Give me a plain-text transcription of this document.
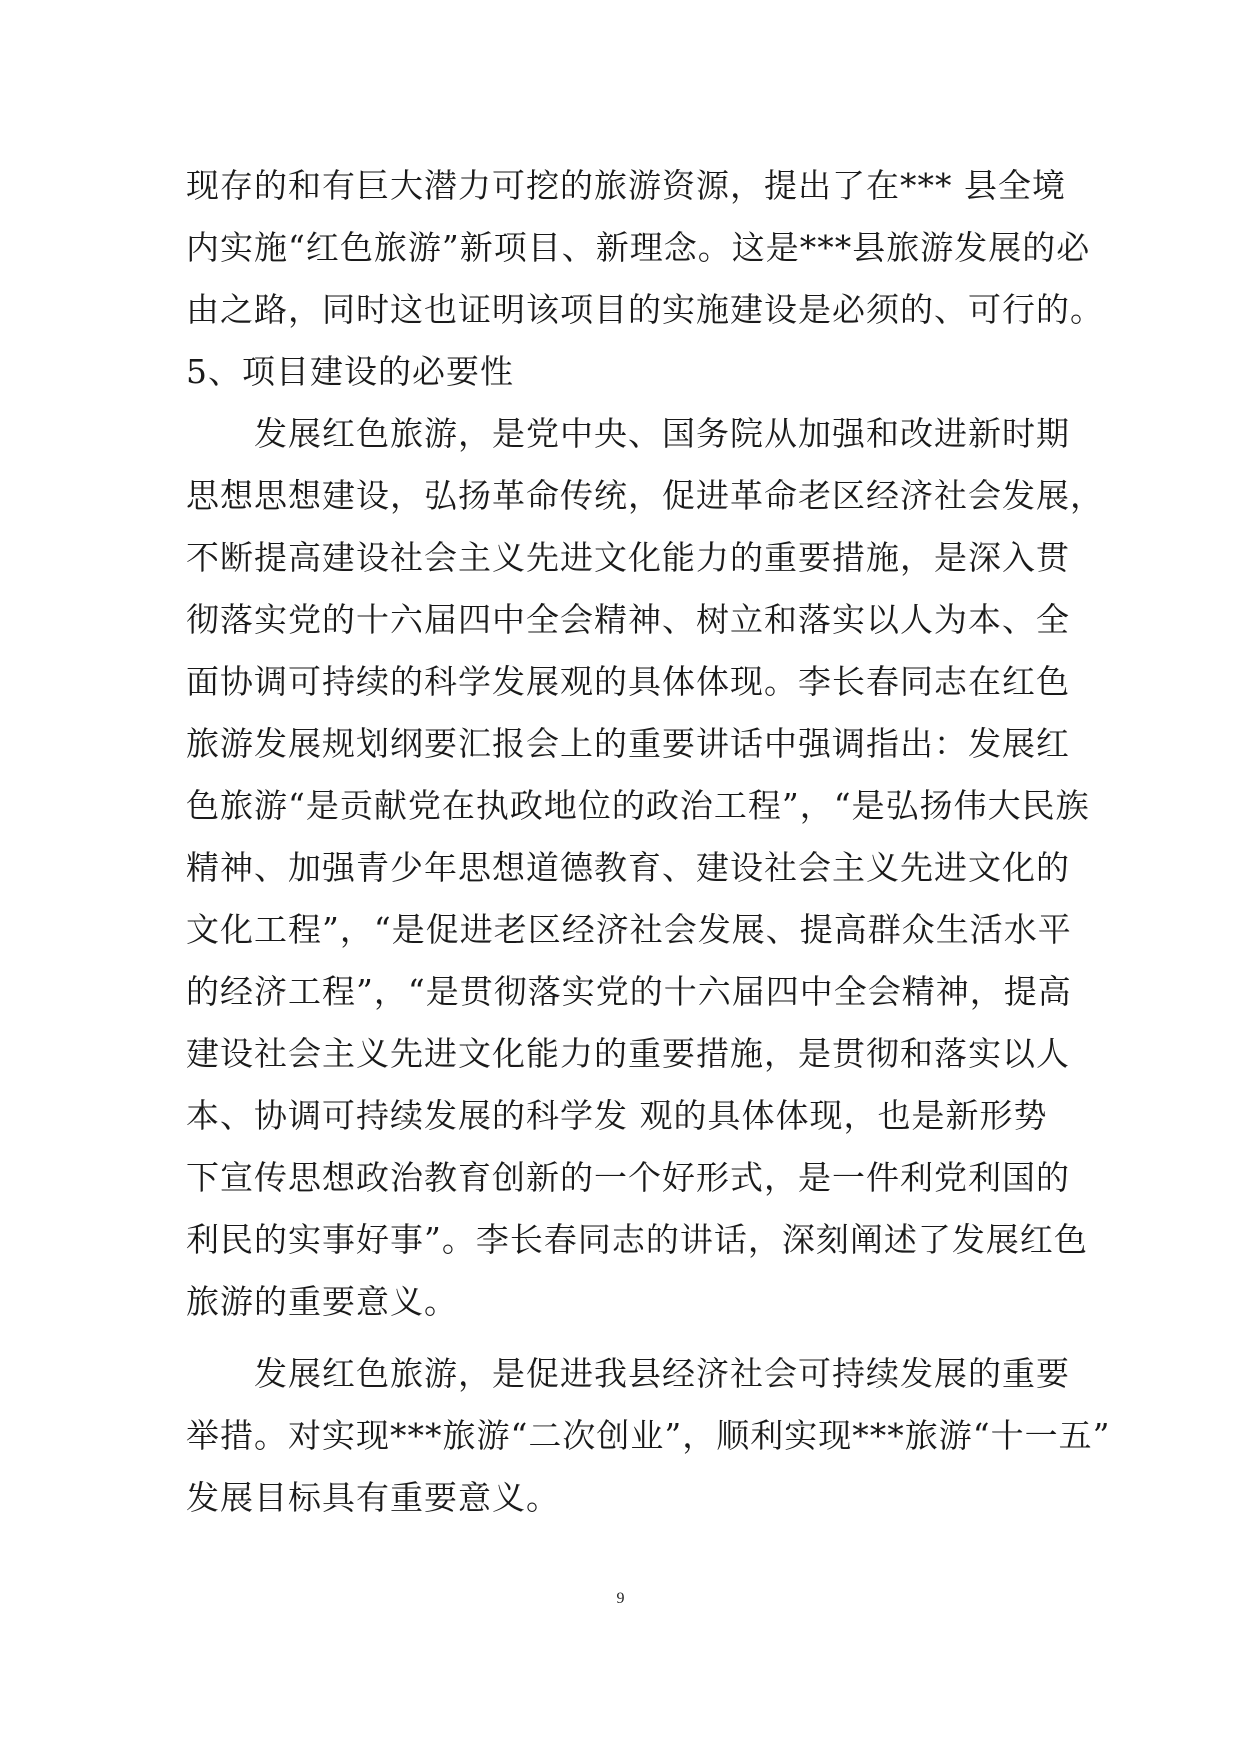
现存的和有巨大潜力可挖的旅游资源，提出了在*** 县全境
内实施“红色旅游”新项目、新理念。这是***县旅游发展的必
由之路，同时这也证明该项目的实施建设是必须的、可行的。
5、项目建设的必要性
发展红色旅游，是党中央、国务院从加强和改进新时期
思想思想建设，弘扬革命传统，促进革命老区经济社会发展，
不断提高建设社会主义先进文化能力的重要措施，是深入贯
彻落实党的十六届四中全会精神、树立和落实以人为本、全
面协调可持续的科学发展观的具体体现。李长春同志在红色
旅游发展规划纲要汇报会上的重要讲话中强调指出：发展红
色旅游“是贡献党在执政地位的政治工程”，“是弘扬伟大民族
精神、加强青少年思想道德教育、建设社会主义先进文化的
文化工程”，“是促进老区经济社会发展、提高群众生活水平
的经济工程”，“是贯彻落实党的十六届四中全会精神，提高
建设社会主义先进文化能力的重要措施，是贯彻和落实以人
本、协调可持续发展的科学发 观的具体体现，也是新形势
下宣传思想政治教育创新的一个好形式，是一件利党利国的
利民的实事好事”。李长春同志的讲话，深刻阐述了发展红色
旅游的重要意义。
发展红色旅游，是促进我县经济社会可持续发展的重要
举措。对实现***旅游“二次创业”，顺利实现***旅游“十一五”
发展目标具有重要意义。
9
